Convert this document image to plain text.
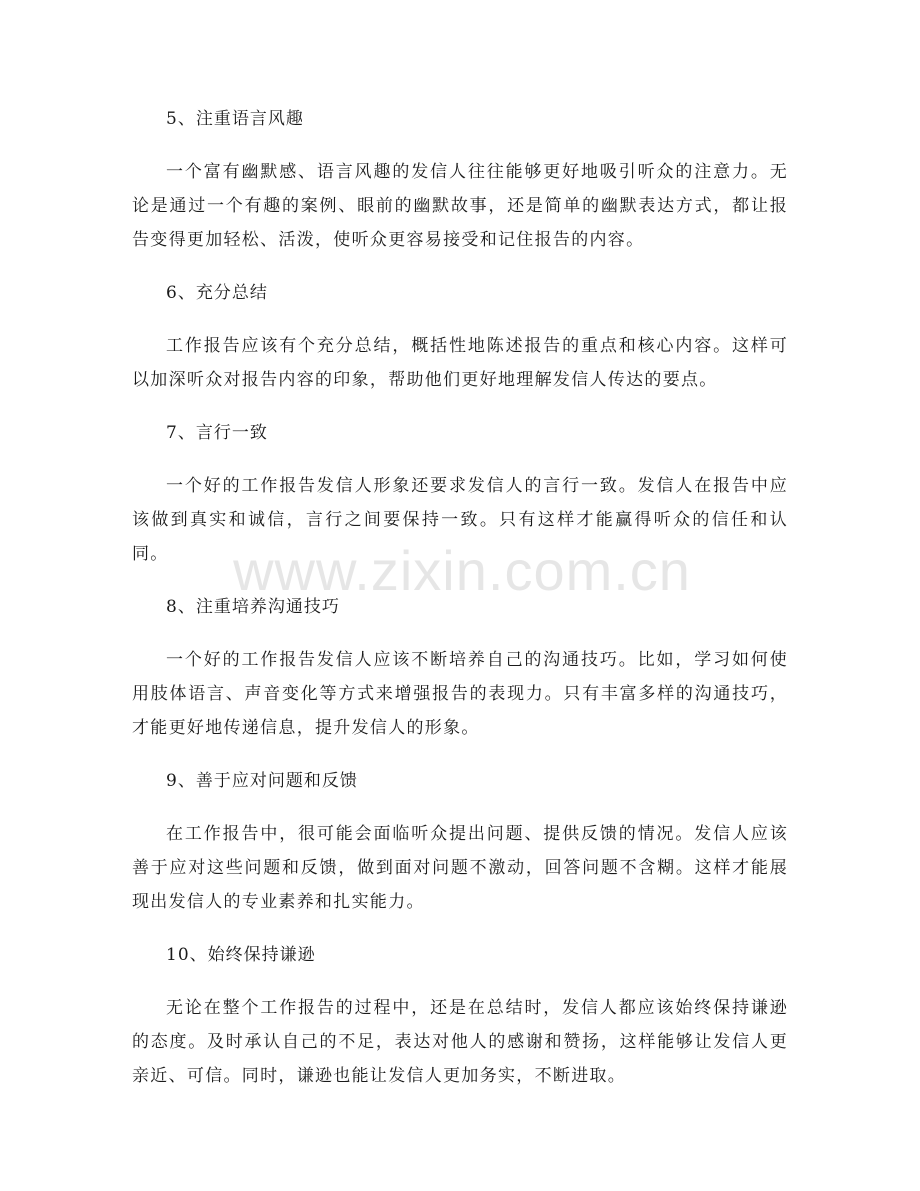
5、注重语言风趣
一个富有幽默感、语言风趣的发信人往往能够更好地吸引听众的注意力。无论是通过一个有趣的案例、眼前的幽默故事，还是简单的幽默表达方式，都让报告变得更加轻松、活泼，使听众更容易接受和记住报告的内容。
6、充分总结
工作报告应该有个充分总结，概括性地陈述报告的重点和核心内容。这样可以加深听众对报告内容的印象，帮助他们更好地理解发信人传达的要点。
7、言行一致
一个好的工作报告发信人形象还要求发信人的言行一致。发信人在报告中应该做到真实和诚信，言行之间要保持一致。只有这样才能赢得听众的信任和认同。
8、注重培养沟通技巧
一个好的工作报告发信人应该不断培养自己的沟通技巧。比如，学习如何使用肢体语言、声音变化等方式来增强报告的表现力。只有丰富多样的沟通技巧，才能更好地传递信息，提升发信人的形象。
9、善于应对问题和反馈
在工作报告中，很可能会面临听众提出问题、提供反馈的情况。发信人应该善于应对这些问题和反馈，做到面对问题不激动，回答问题不含糊。这样才能展现出发信人的专业素养和扎实能力。
10、始终保持谦逊
无论在整个工作报告的过程中，还是在总结时，发信人都应该始终保持谦逊的态度。及时承认自己的不足，表达对他人的感谢和赞扬，这样能够让发信人更亲近、可信。同时，谦逊也能让发信人更加务实，不断进取。
www.zixin.com.cn
